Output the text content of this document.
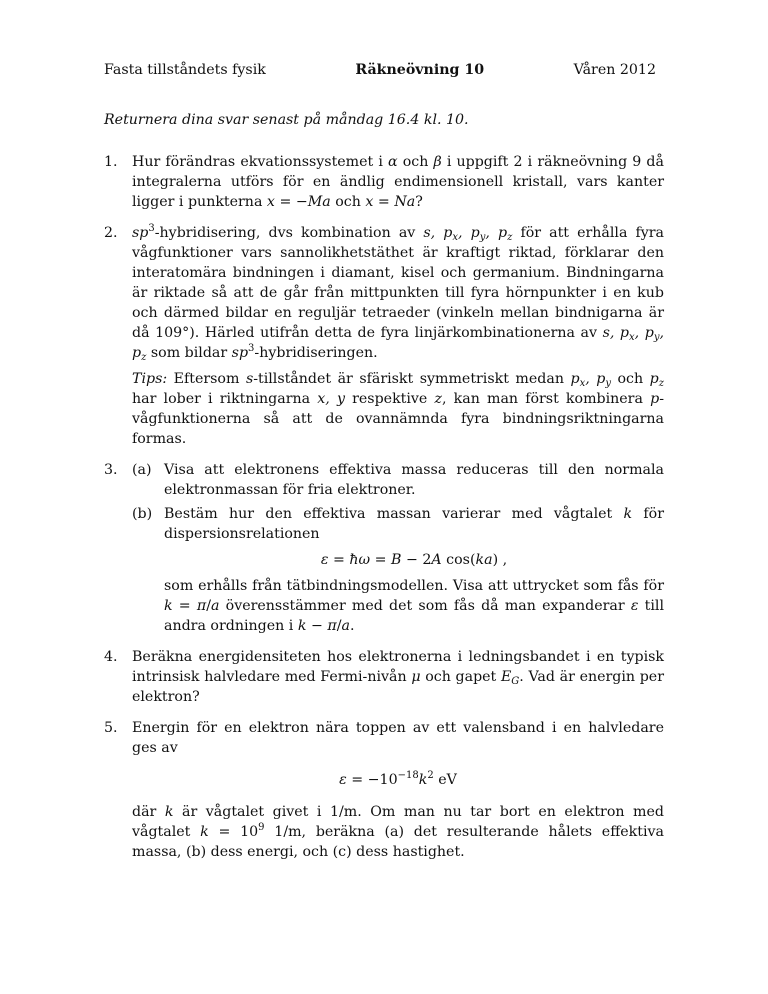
Fasta tillståndets fysik	Räkneövning 10	Våren 2012
Returnera dina svar senast på måndag 16.4 kl. 10.
1. Hur förändras ekvationssystemet i α och β i uppgift 2 i räkneövning 9 då integralerna utförs för en ändlig endimensionell kristall, vars kanter ligger i punkterna x = −Ma och x = Na?

2. $sp^3$-hybridisering, dvs kombination av s, $p_x$, $p_y$, $p_z$ för att erhålla fyra vågfunktioner vars sannolikhetstäthet är kraftigt riktad, förklarar den interatomära bindningen i diamant, kisel och germanium. Bindningarna är riktade så att de går från mittpunkten till fyra hörnpunkter i en kub och därmed bildar en reguljär tetraeder (vinkeln mellan bindnigarna är då 109°). Härled utifrån detta de fyra linjärkombinationerna av s, $p_x$, $p_y$, $p_z$ som bildar $sp^3$-hybridiseringen.

Tips: Eftersom s-tillståndet är sfäriskt symmetriskt medan $p_x$, $p_y$ och $p_z$ har lober i riktningarna x, y respektive z, kan man först kombinera p-vågfunktionerna så att de ovannämnda fyra bindningsriktningarna formas.

3. (a) Visa att elektronens effektiva massa reduceras till den normala elektronmassan för fria elektroner.

(b) Bestäm hur den effektiva massan varierar med vågtalet k för dispersionsrelationen

ε = ħω = B − 2A cos(ka) ,

som erhålls från tätbindningsmodellen. Visa att uttrycket som fås för k = π/a överensstämmer med det som fås då man expanderar ε till andra ordningen i k − π/a.

4. Beräkna energidensiteten hos elektronerna i ledningsbandet i en typisk intrinsisk halvledare med Fermi-nivån μ och gapet $E_G$. Vad är energin per elektron?

5. Energin för en elektron nära toppen av ett valensband i en halvledare ges av

$\varepsilon = -10^{-18}k^2$ eV

där k är vågtalet givet i 1/m. Om man nu tar bort en elektron med vågtalet $k = 10^9$ 1/m, beräkna (a) det resulterande hålets effektiva massa, (b) dess energi, och (c) dess hastighet.
